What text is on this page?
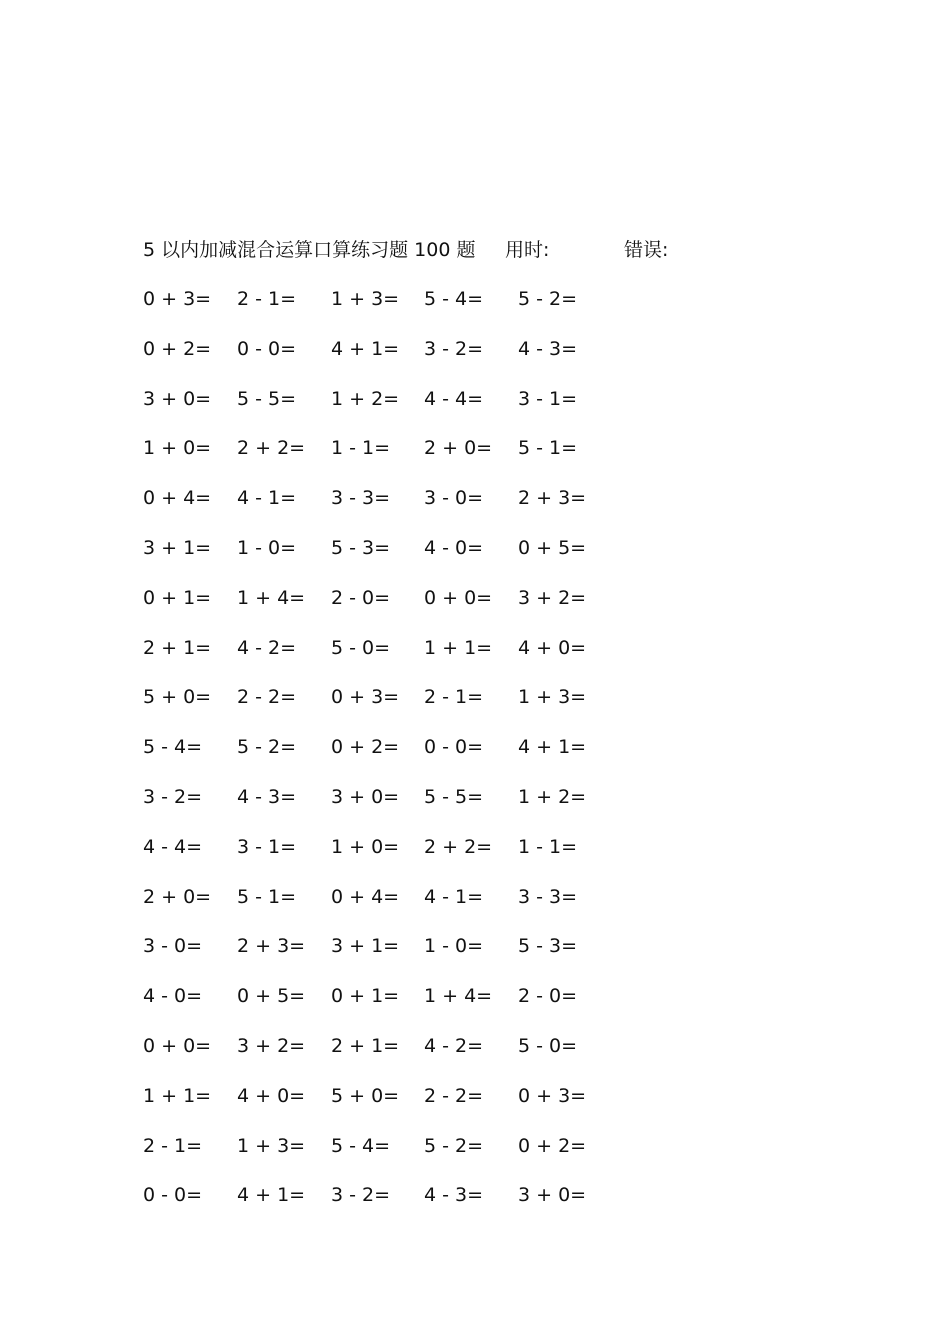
5 以内加减混合运算口算练习题 100 题 用时:	错误:
0 + 3= 2 - 1= 1 + 3= 5 - 4= 5 - 2=
0 + 2= 0 - 0= 4 + 1= 3 - 2= 4 - 3=
3 + 0= 5 - 5= 1 + 2= 4 - 4= 3 - 1=
1 + 0= 2 + 2= 1 - 1= 2 + 0= 5 - 1=
0 + 4= 4 - 1= 3 - 3= 3 - 0= 2 + 3=
3 + 1= 1 - 0= 5 - 3= 4 - 0= 0 + 5=
0 + 1= 1 + 4= 2 - 0= 0 + 0= 3 + 2=
2 + 1= 4 - 2= 5 - 0= 1 + 1= 4 + 0=
5 + 0= 2 - 2= 0 + 3= 2 - 1= 1 + 3=
5 - 4= 5 - 2= 0 + 2= 0 - 0= 4 + 1=
3 - 2= 4 - 3= 3 + 0= 5 - 5= 1 + 2=
4 - 4= 3 - 1= 1 + 0= 2 + 2= 1 - 1=
2 + 0= 5 - 1= 0 + 4= 4 - 1= 3 - 3=
3 - 0= 2 + 3= 3 + 1= 1 - 0= 5 - 3=
4 - 0= 0 + 5= 0 + 1= 1 + 4= 2 - 0=
0 + 0= 3 + 2= 2 + 1= 4 - 2= 5 - 0=
1 + 1= 4 + 0= 5 + 0= 2 - 2= 0 + 3=
2 - 1= 1 + 3= 5 - 4= 5 - 2= 0 + 2=
0 - 0= 4 + 1= 3 - 2= 4 - 3= 3 + 0=
